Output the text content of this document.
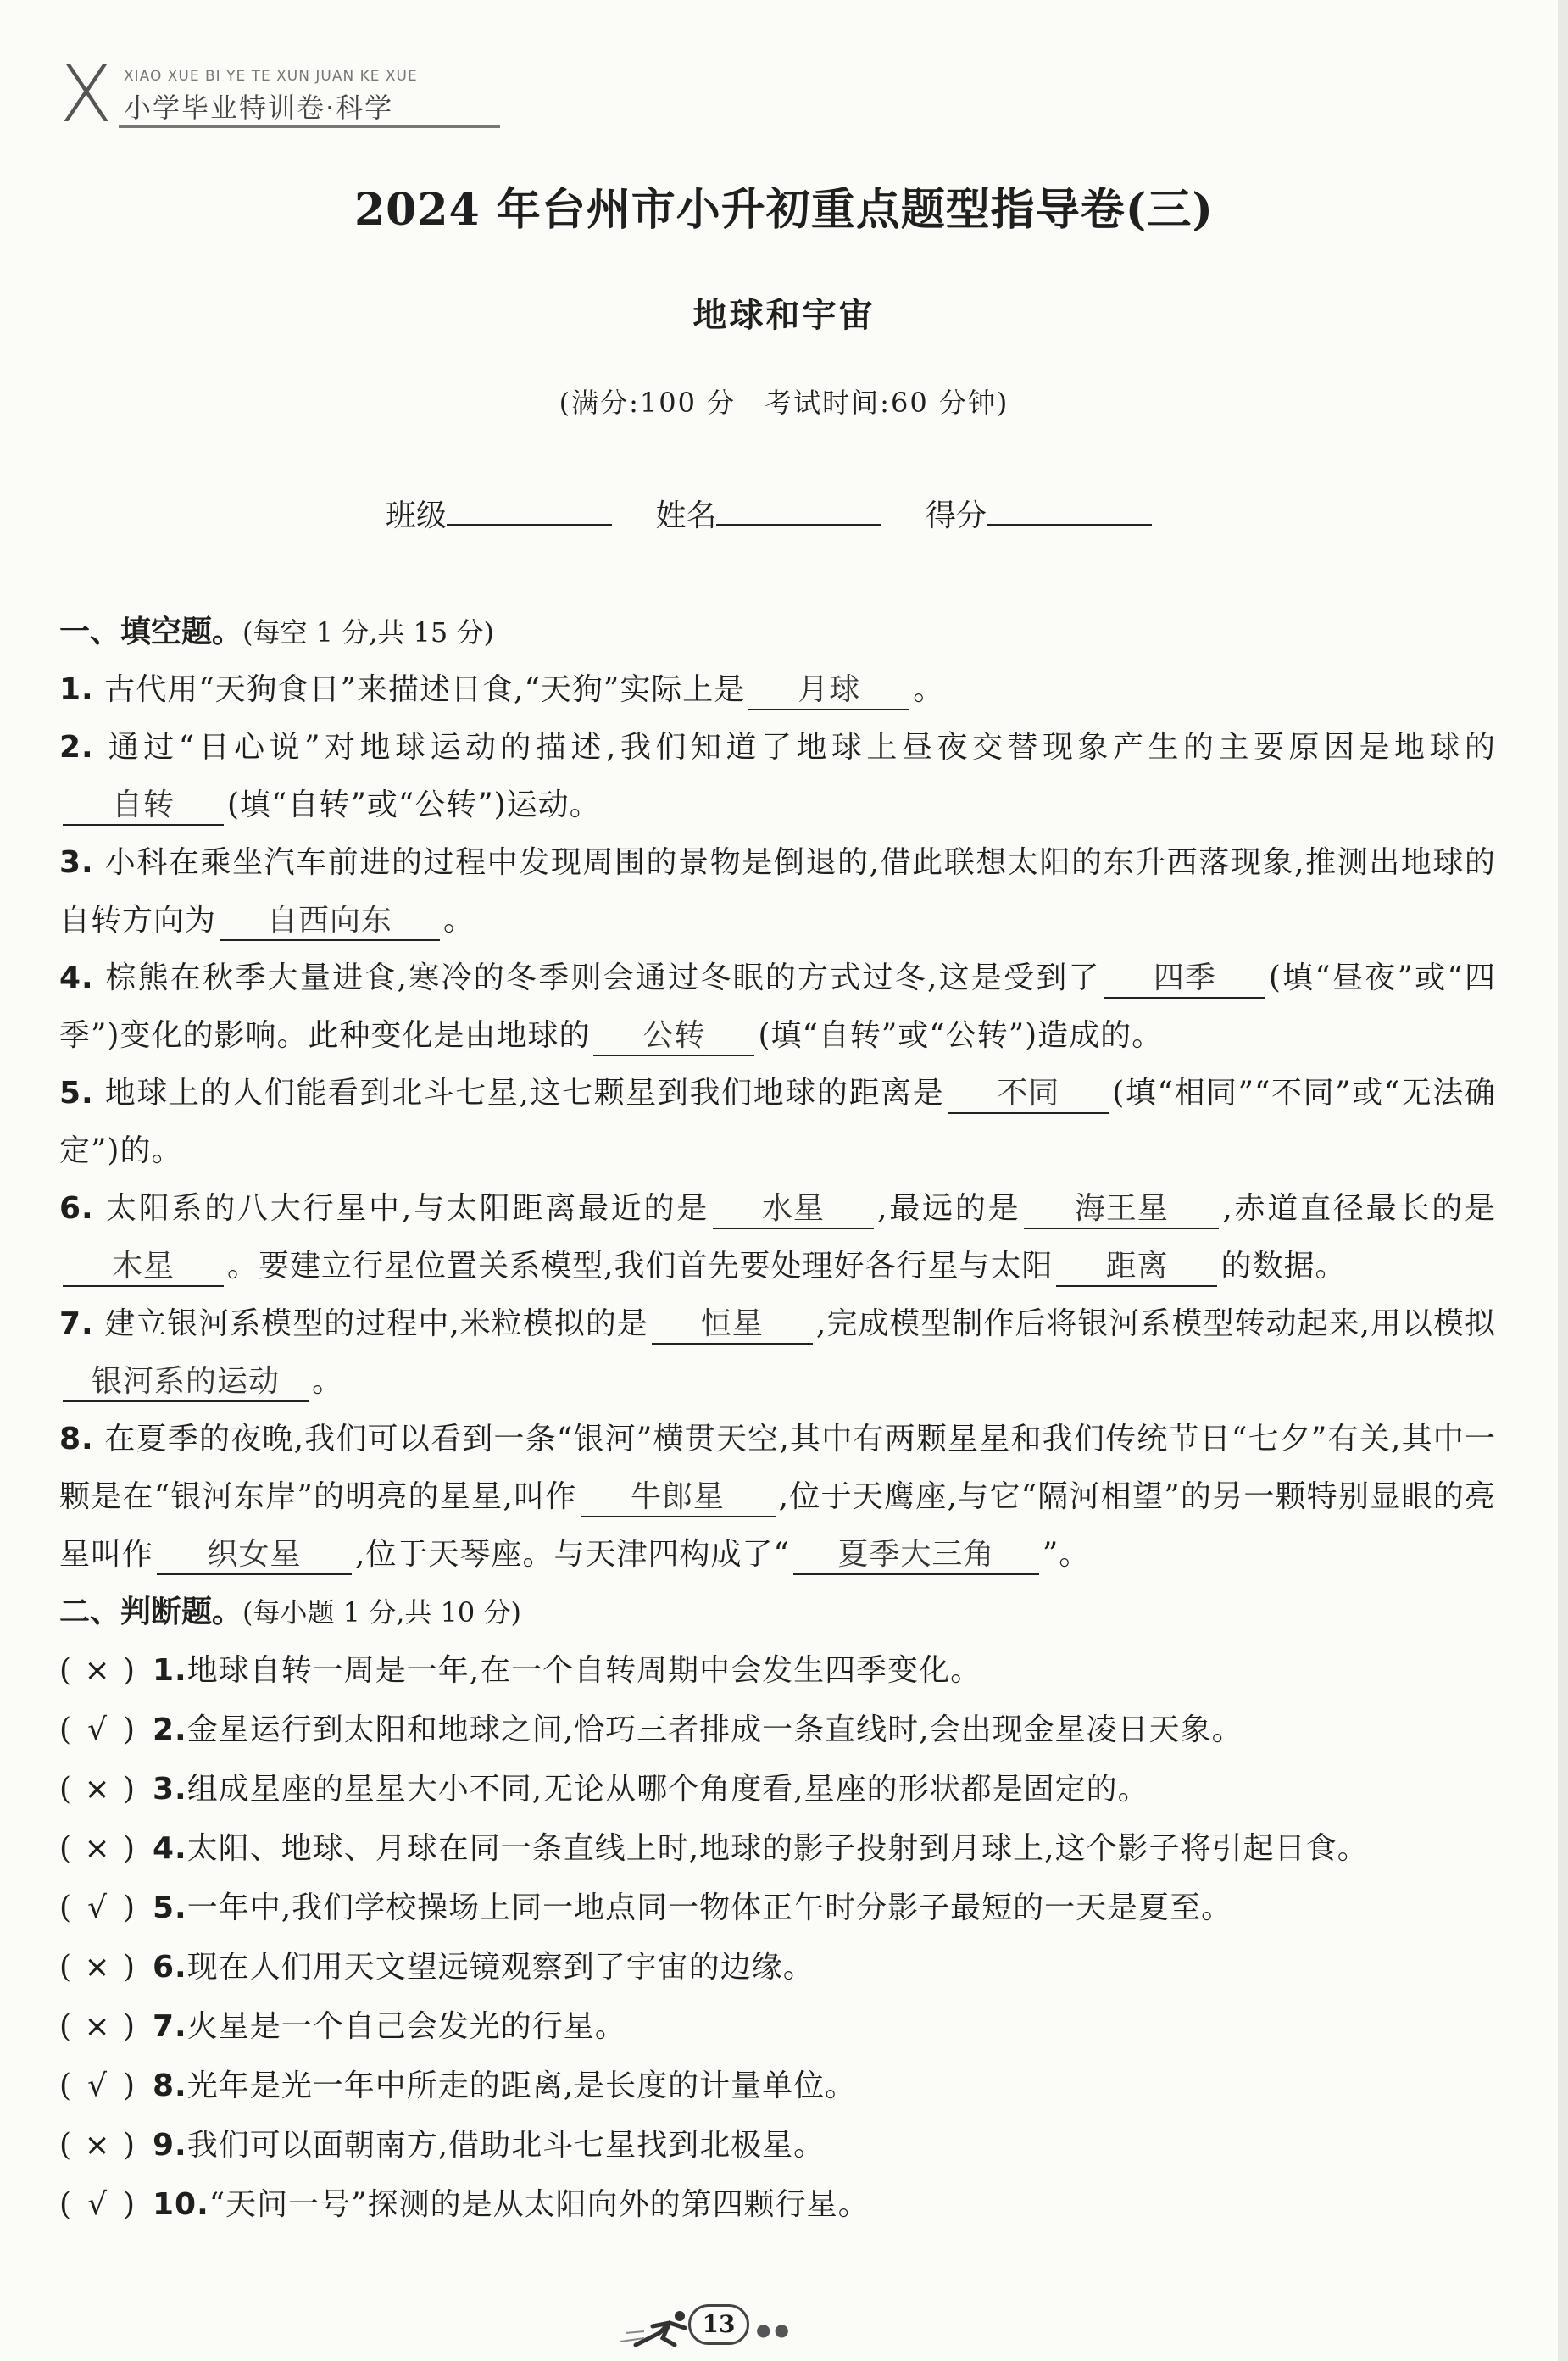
X XIAO XUE BI YE TE XUN JUAN KE XUE
小学毕业特训卷·科学
2024 年台州市小升初重点题型指导卷(三)
地球和宇宙
(满分:100 分　考试时间:60 分钟)
班级	姓名	得分
一、填空题。(每空 1 分,共 15 分)
1. 古代用“天狗食日”来描述日食,“天狗”实际上是 月球 。
2. 通过“日心说”对地球运动的描述,我们知道了地球上昼夜交替现象产生的主要原因是地球的自转 (填“自转”或“公转”)运动。
3. 小科在乘坐汽车前进的过程中发现周围的景物是倒退的,借此联想太阳的东升西落现象,推测出地球的自转方向为 自西向东 。
4. 棕熊在秋季大量进食,寒冷的冬季则会通过冬眠的方式过冬,这是受到了 四季 (填“昼夜”或“四季”)变化的影响。此种变化是由地球的 公转 (填“自转”或“公转”)造成的。
5. 地球上的人们能看到北斗七星,这七颗星到我们地球的距离是 不同 (填“相同”“不同”或“无法确定”)的。
6. 太阳系的八大行星中,与太阳距离最近的是 水星 ,最远的是 海王星 ,赤道直径最长的是木星 。要建立行星位置关系模型,我们首先要处理好各行星与太阳 距离 的数据。
7. 建立银河系模型的过程中,米粒模拟的是 恒星 ,完成模型制作后将银河系模型转动起来,用以模拟银河系的运动 。
8. 在夏季的夜晚,我们可以看到一条“银河”横贯天空,其中有两颗星星和我们传统节日“七夕”有关,其中一颗是在“银河东岸”的明亮的星星,叫作 牛郎星 ,位于天鹰座,与它“隔河相望”的另一颗特别显眼的亮星叫作 织女星 ,位于天琴座。与天津四构成了“ 夏季大三角 ”。
二、判断题。(每小题 1 分,共 10 分)
( × ) 1.地球自转一周是一年,在一个自转周期中会发生四季变化。
( √ ) 2.金星运行到太阳和地球之间,恰巧三者排成一条直线时,会出现金星凌日天象。
( × ) 3.组成星座的星星大小不同,无论从哪个角度看,星座的形状都是固定的。
( × ) 4.太阳、地球、月球在同一条直线上时,地球的影子投射到月球上,这个影子将引起日食。
( √ ) 5.一年中,我们学校操场上同一地点同一物体正午时分影子最短的一天是夏至。
( × ) 6.现在人们用天文望远镜观察到了宇宙的边缘。
( × ) 7.火星是一个自己会发光的行星。
( √ ) 8.光年是光一年中所走的距离,是长度的计量单位。
( × ) 9.我们可以面朝南方,借助北斗七星找到北极星。
( √ ) 10.“天问一号”探测的是从太阳向外的第四颗行星。
13	●●
